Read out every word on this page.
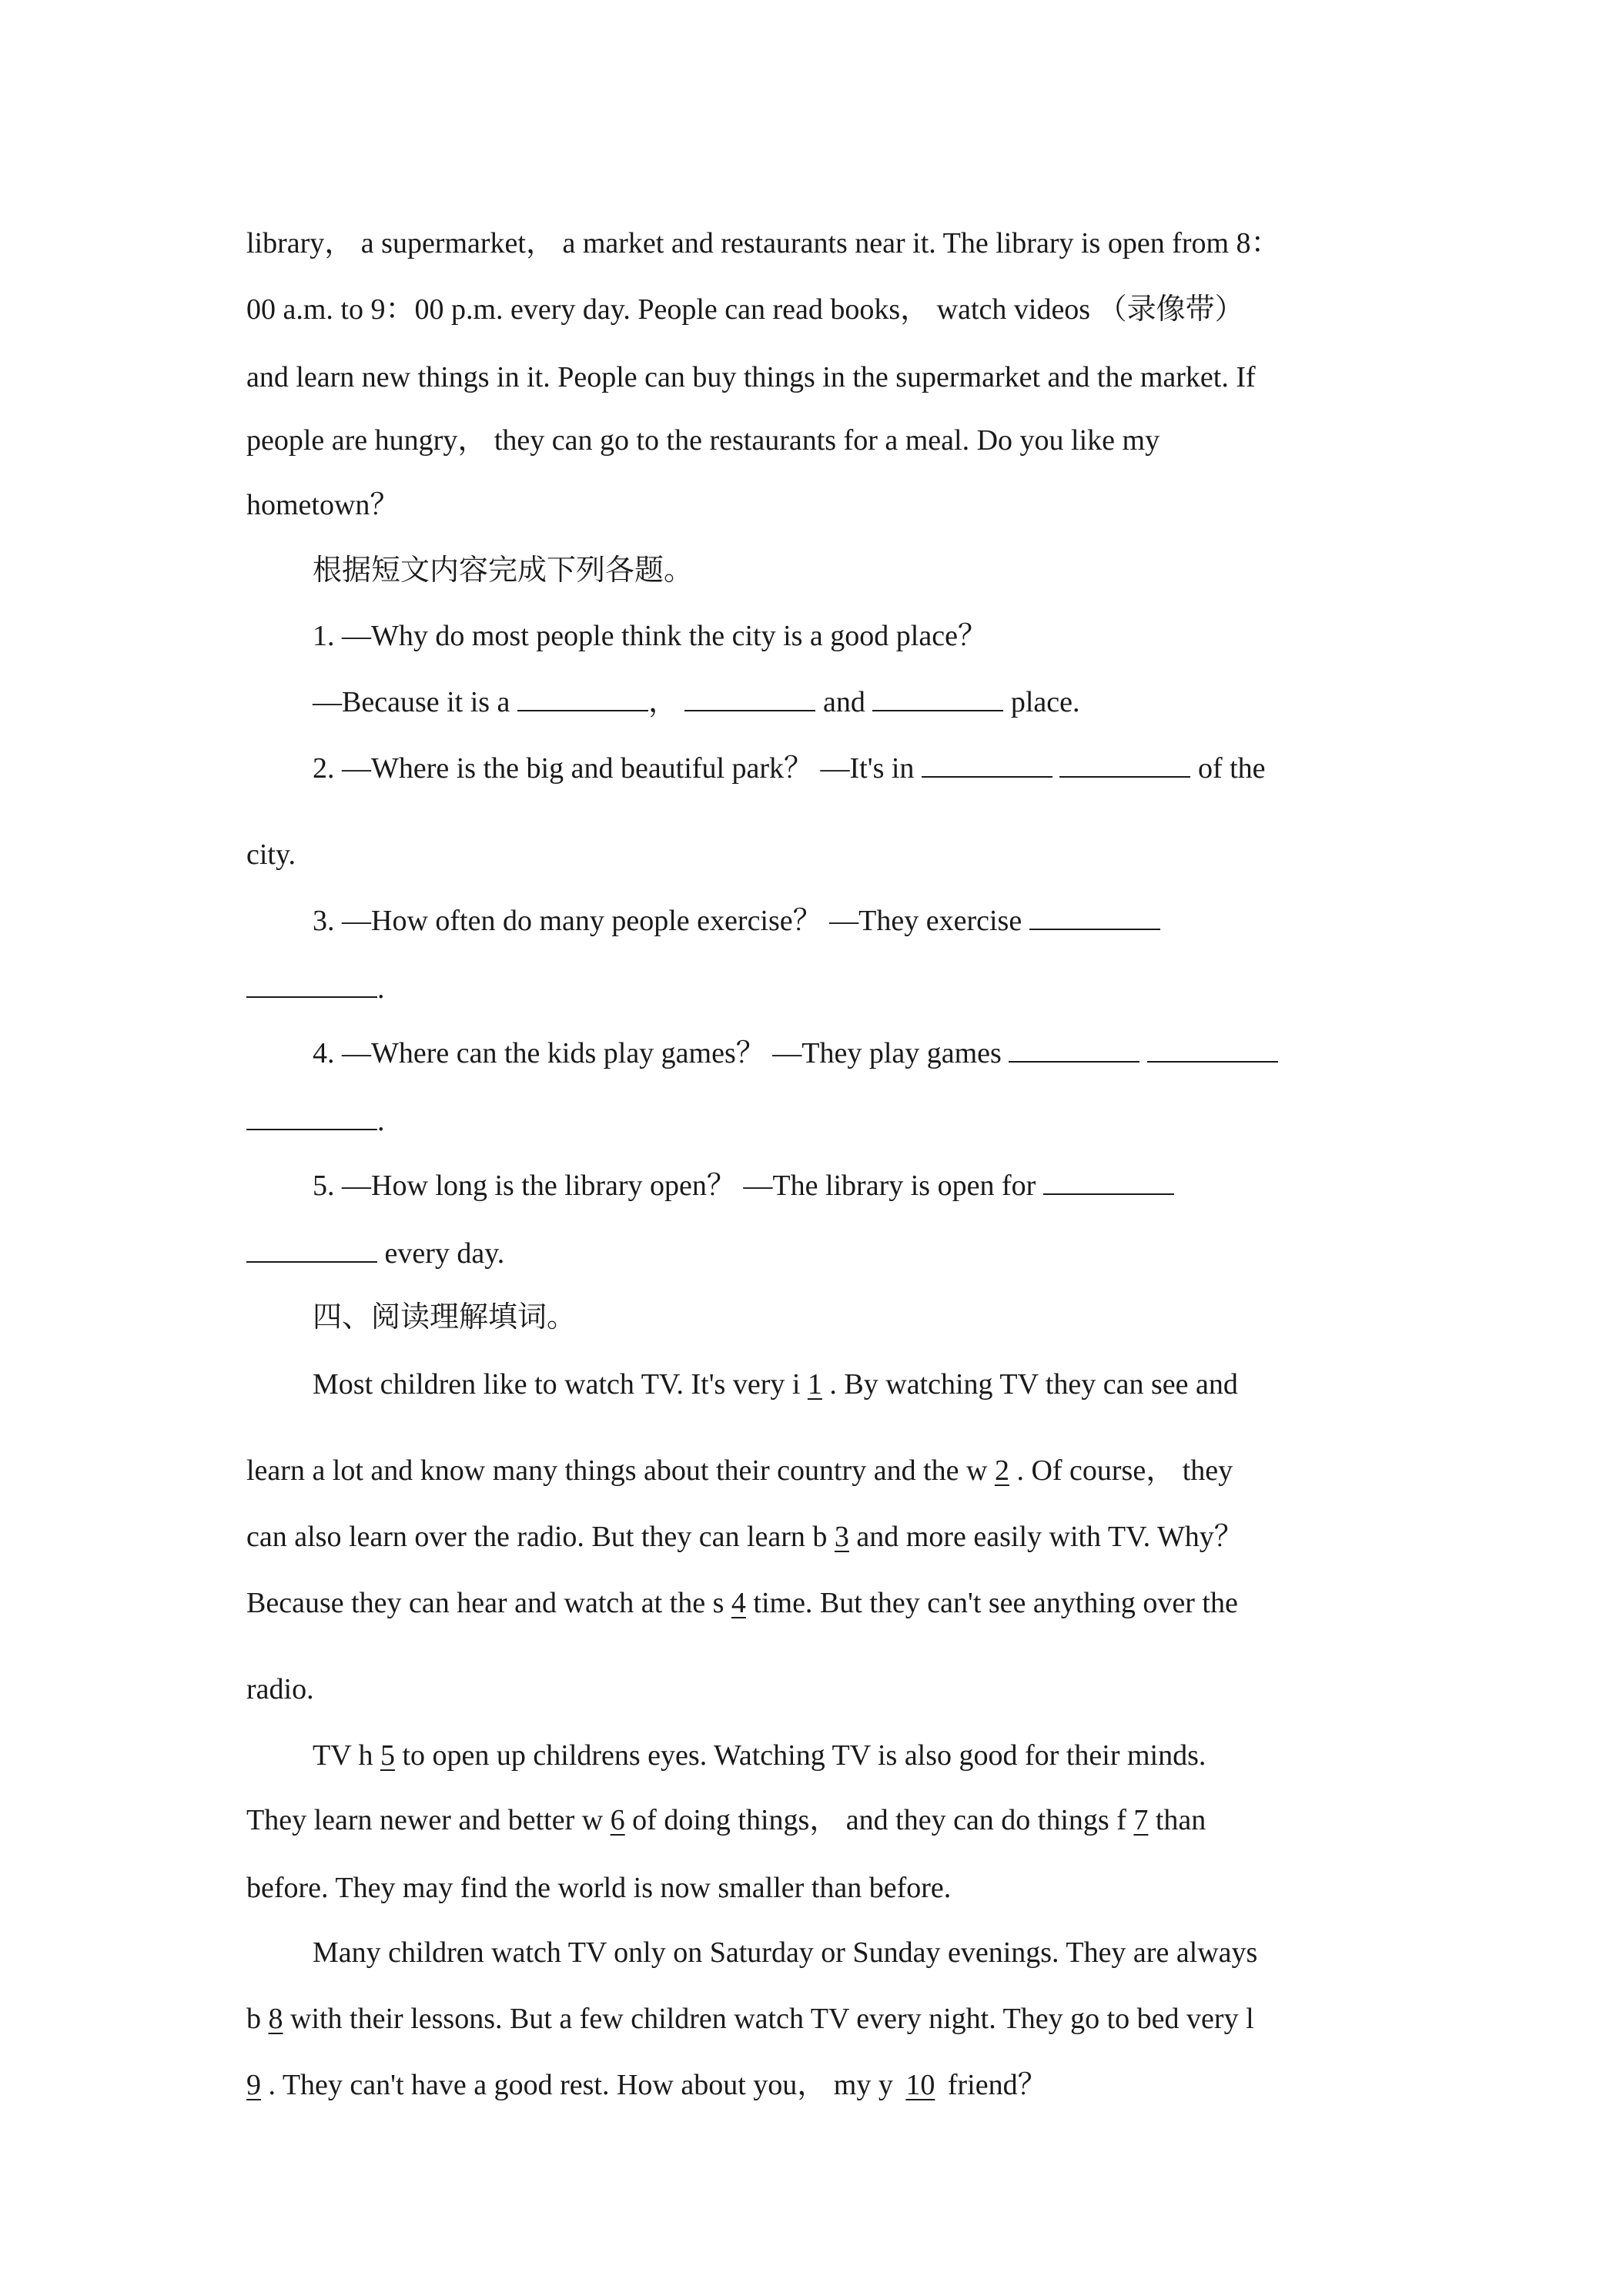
library， a supermarket， a market and restaurants near it. The library is open from 8：
00 a.m. to 9：00 p.m. every day. People can read books， watch videos （录像带）
and learn new things in it. People can buy things in the supermarket and the market. If
people are hungry， they can go to the restaurants for a meal. Do you like my
hometown？
根据短文内容完成下列各题。
1. —Why do most people think the city is a good place？
—Because it is a	，	and	place.
2. —Where is the big and beautiful park？ —It's in	of the
city.
3. —How often do many people exercise？ —They exercise
.
4. —Where can the kids play games？ —They play games
.
5. —How long is the library open？ —The library is open for
every day.
四、阅读理解填词。
Most children like to watch TV. It's very i 1 . By watching TV they can see and
learn a lot and know many things about their country and the w 2 . Of course， they
can also learn over the radio. But they can learn b 3 and more easily with TV. Why？
Because they can hear and watch at the s 4 time. But they can't see anything over the
radio.
TV h 5 to open up childrens eyes. Watching TV is also good for their minds.
They learn newer and better w 6 of doing things， and they can do things f 7 than
before. They may find the world is now smaller than before.
Many children watch TV only on Saturday or Sunday evenings. They are always
b 8 with their lessons. But a few children watch TV every night. They go to bed very l
9 . They can't have a good rest. How about you， my y 10 friend？
